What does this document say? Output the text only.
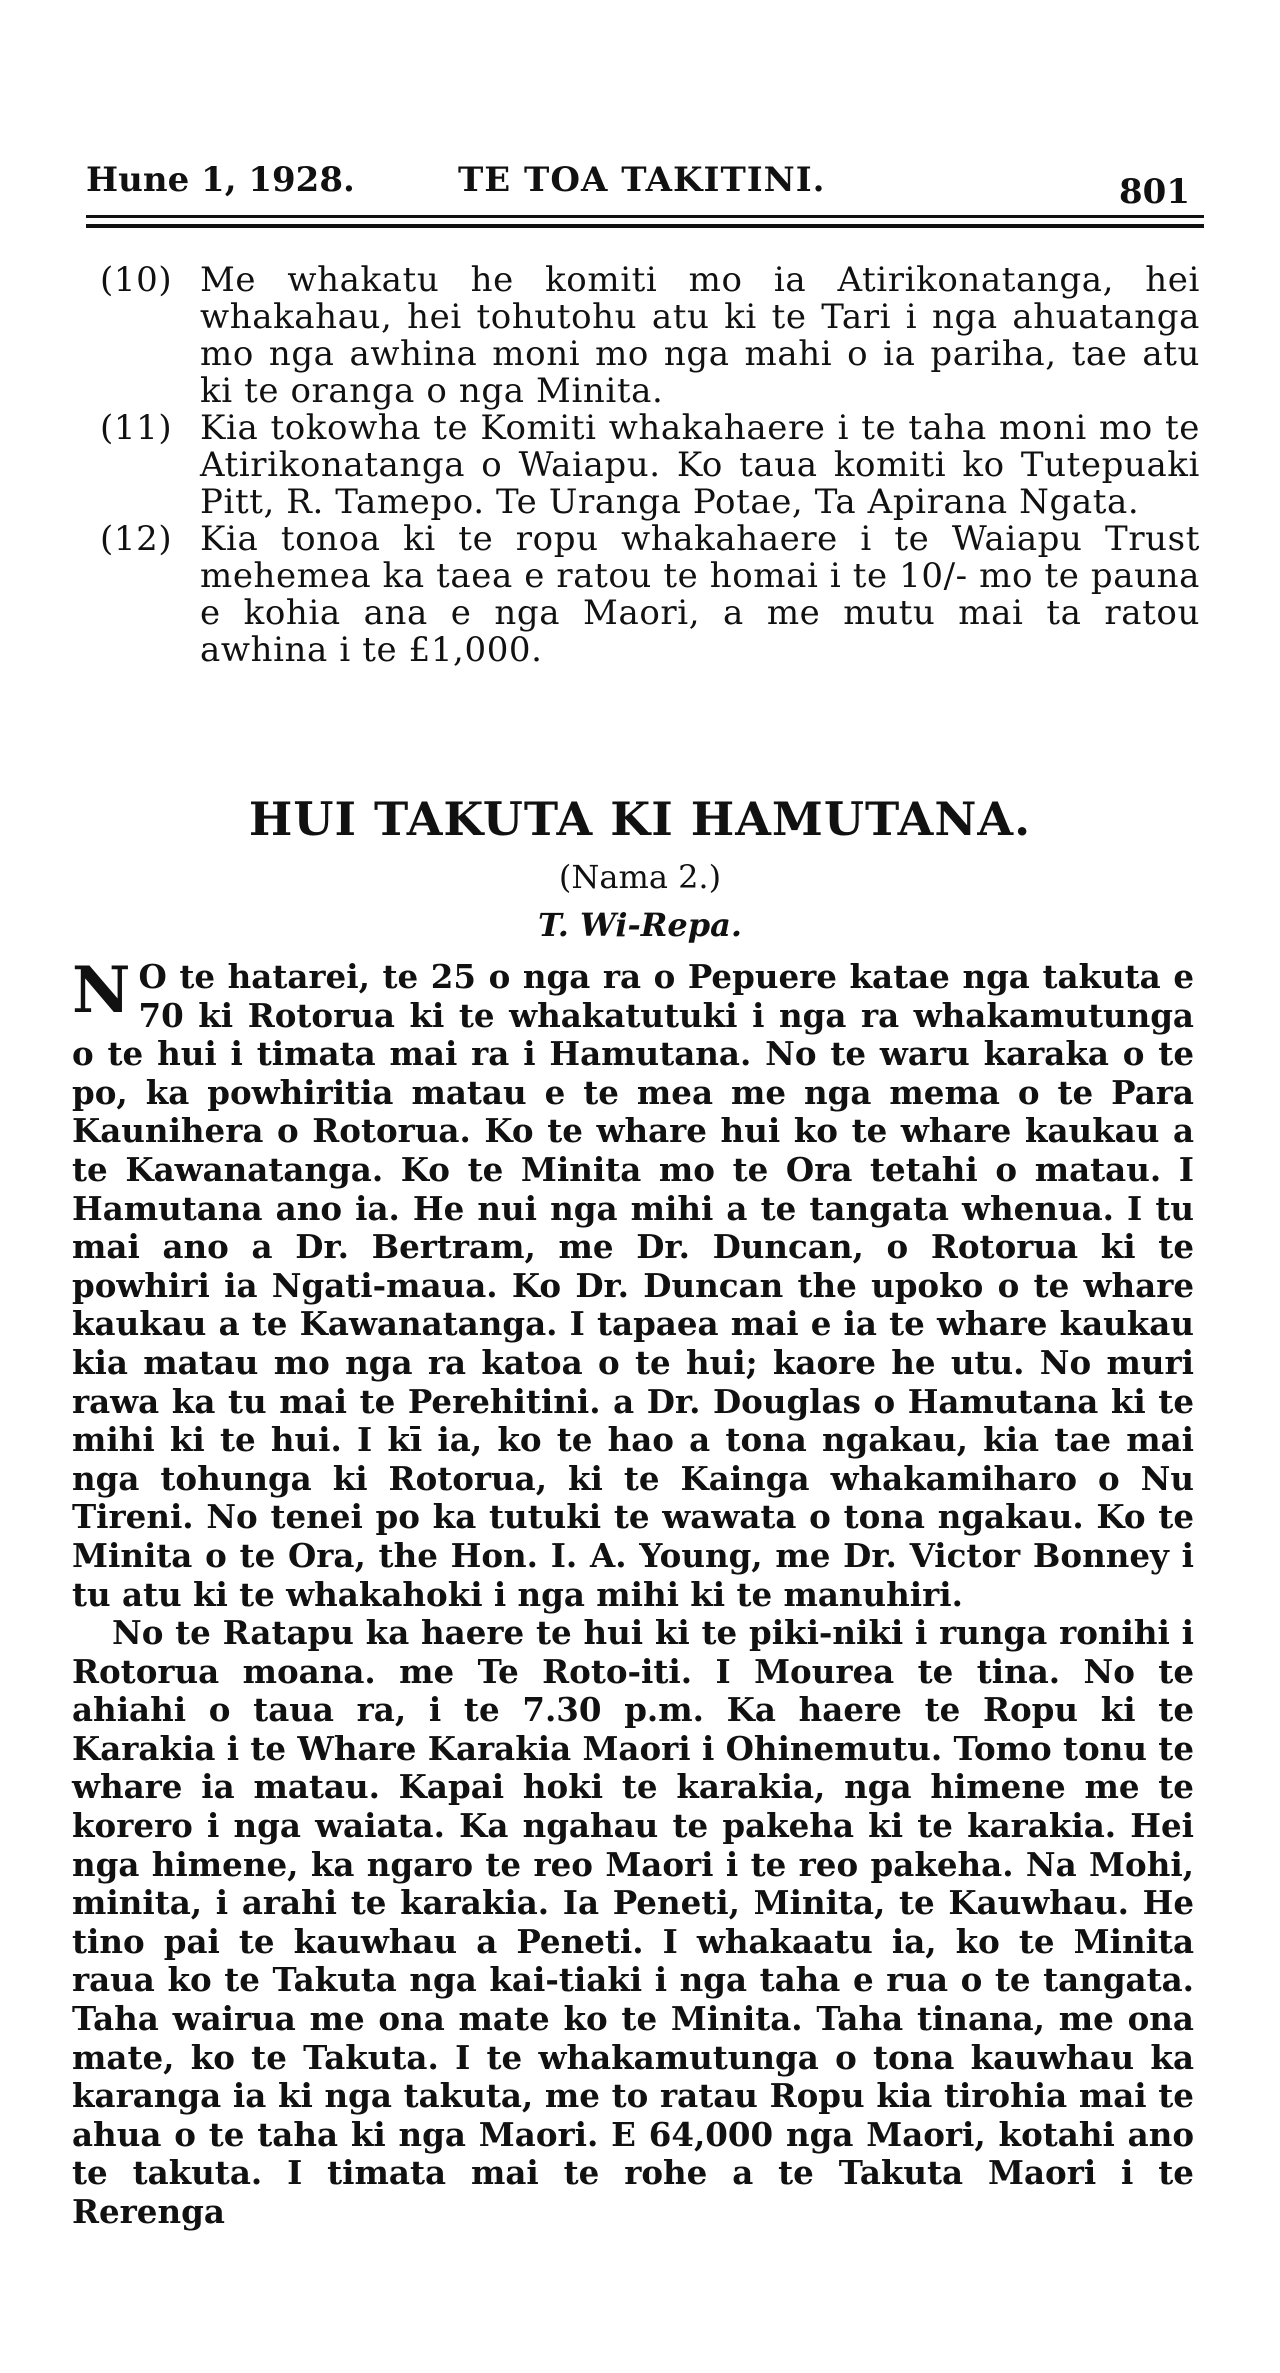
Hune 1, 1928.	TE TOA TAKITINI.	801
(10) Me whakatu he komiti mo ia Atirikonatanga, hei whakahau, hei tohutohu atu ki te Tari i nga ahuatanga mo nga awhina moni mo nga mahi o ia pariha, tae atu ki te oranga o nga Minita.
(11) Kia tokowha te Komiti whakahaere i te taha moni mo te Atirikonatanga o Waiapu. Ko taua komiti ko Tutepuaki Pitt, R. Tamepo. Te Uranga Potae, Ta Apirana Ngata.
(12) Kia tonoa ki te ropu whakahaere i te Waiapu Trust mehemea ka taea e ratou te homai i te 10/- mo te pauna e kohia ana e nga Maori, a me mutu mai ta ratou awhina i te £1,000.
HUI TAKUTA KI HAMUTANA.
(Nama 2.)
T. Wi-Repa.

N O te hatarei, te 25 o nga ra o Pepuere katae nga takuta e 70 ki Rotorua ki te whakatutuki i nga ra whakamutunga o te hui i timata mai ra i Hamutana. No te waru karaka o te po, ka powhiritia matau e te mea me nga mema o te Para Kaunihera o Rotorua. Ko te whare hui ko te whare kaukau a te Kawanatanga. Ko te Minita mo te Ora tetahi o matau. I Hamutana ano ia. He nui nga mihi a te tangata whenua. I tu mai ano a Dr. Bertram, me Dr. Duncan, o Rotorua ki te powhiri ia Ngati-maua. Ko Dr. Duncan the upoko o te whare kaukau a te Kawanatanga. I tapaea mai e ia te whare kaukau kia matau mo nga ra katoa o te hui; kaore he utu. No muri rawa ka tu mai te Perehitini. a Dr. Douglas o Hamutana ki te mihi ki te hui. I kī ia, ko te hao a tona ngakau, kia tae mai nga tohunga ki Rotorua, ki te Kainga whakamiharo o Nu Tireni. No tenei po ka tutuki te wawata o tona ngakau. Ko te Minita o te Ora, the Hon. I. A. Young, me Dr. Victor Bonney i tu atu ki te whakahoki i nga mihi ki te manuhiri.

No te Ratapu ka haere te hui ki te piki-niki i runga ronihi i Rotorua moana. me Te Roto-iti. I Mourea te tina. No te ahiahi o taua ra, i te 7.30 p.m. Ka haere te Ropu ki te Karakia i te Whare Karakia Maori i Ohinemutu. Tomo tonu te whare ia matau. Kapai hoki te karakia, nga himene me te korero i nga waiata. Ka ngahau te pakeha ki te karakia. Hei nga himene, ka ngaro te reo Maori i te reo pakeha. Na Mohi, minita, i arahi te karakia. Ia Peneti, Minita, te Kauwhau. He tino pai te kauwhau a Peneti. I whakaatu ia, ko te Minita raua ko te Takuta nga kai-tiaki i nga taha e rua o te tangata. Taha wairua me ona mate ko te Minita. Taha tinana, me ona mate, ko te Takuta. I te whakamutunga o tona kauwhau ka karanga ia ki nga takuta, me to ratau Ropu kia tirohia mai te ahua o te taha ki nga Maori. E 64,000 nga Maori, kotahi ano te takuta. I timata mai te rohe a te Takuta Maori i te Rerenga
